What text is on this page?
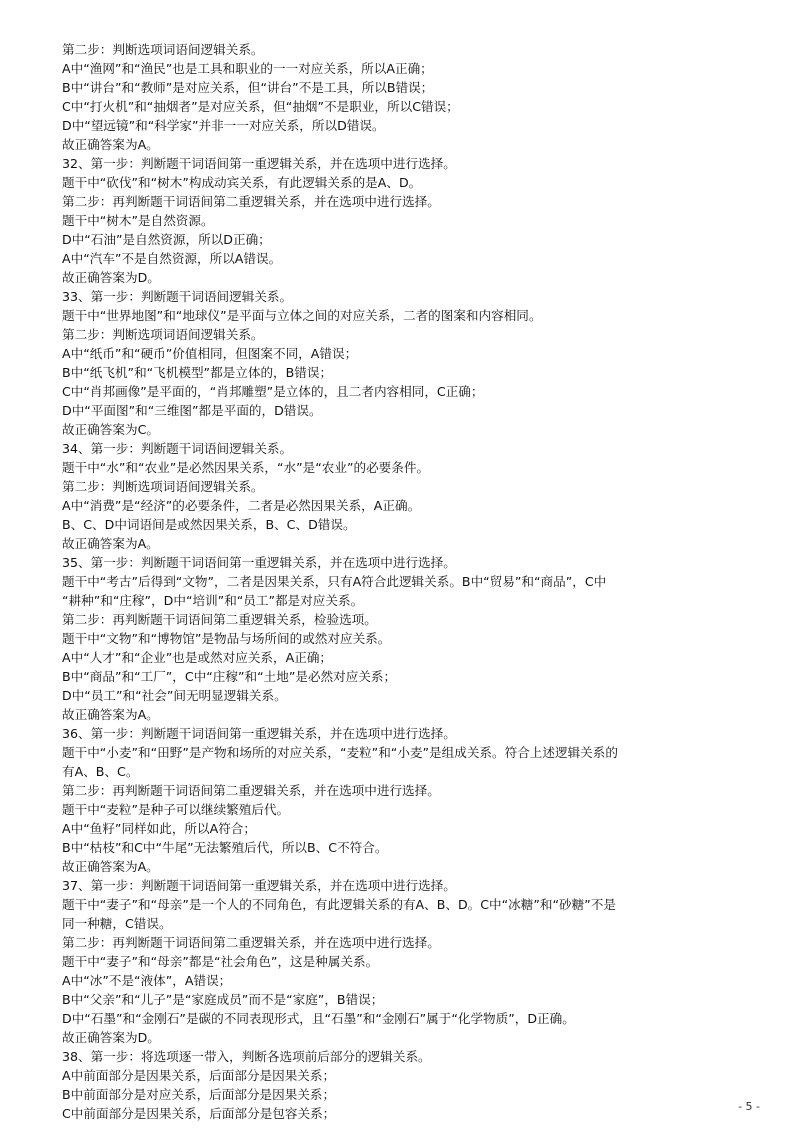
第二步：判断选项词语间逻辑关系。
A中“渔网”和“渔民”也是工具和职业的一一对应关系，所以A正确；
B中“讲台”和“教师”是对应关系，但“讲台”不是工具，所以B错误；
C中“打火机”和“抽烟者”是对应关系，但“抽烟”不是职业，所以C错误；
D中“望远镜”和“科学家”并非一一对应关系，所以D错误。
故正确答案为A。
32、第一步：判断题干词语间第一重逻辑关系，并在选项中进行选择。
题干中“砍伐”和“树木”构成动宾关系，有此逻辑关系的是A、D。
第二步：再判断题干词语间第二重逻辑关系，并在选项中进行选择。
题干中“树木”是自然资源。
D中“石油”是自然资源，所以D正确；
A中“汽车”不是自然资源，所以A错误。
故正确答案为D。
33、第一步：判断题干词语间逻辑关系。
题干中“世界地图”和“地球仪”是平面与立体之间的对应关系，二者的图案和内容相同。
第二步：判断选项词语间逻辑关系。
A中“纸币”和“硬币”价值相同，但图案不同，A错误；
B中“纸飞机”和“飞机模型”都是立体的，B错误；
C中“肖邦画像”是平面的，“肖邦雕塑”是立体的，且二者内容相同，C正确；
D中“平面图”和“三维图”都是平面的，D错误。
故正确答案为C。
34、第一步：判断题干词语间逻辑关系。
题干中“水”和“农业”是必然因果关系，“水”是“农业”的必要条件。
第二步：判断选项词语间逻辑关系。
A中“消费”是“经济”的必要条件，二者是必然因果关系，A正确。
B、C、D中词语间是或然因果关系，B、C、D错误。
故正确答案为A。
35、第一步：判断题干词语间第一重逻辑关系，并在选项中进行选择。
题干中“考古”后得到“文物”，二者是因果关系，只有A符合此逻辑关系。B中“贸易”和“商品”，C中
“耕种”和“庄稼”，D中“培训”和“员工”都是对应关系。
第二步：再判断题干词语间第二重逻辑关系，检验选项。
题干中“文物”和“博物馆”是物品与场所间的或然对应关系。
A中“人才”和“企业”也是或然对应关系，A正确；
B中“商品”和“工厂”，C中“庄稼”和“土地”是必然对应关系；
D中“员工”和“社会”间无明显逻辑关系。
故正确答案为A。
36、第一步：判断题干词语间第一重逻辑关系，并在选项中进行选择。
题干中“小麦”和“田野”是产物和场所的对应关系，“麦粒”和“小麦”是组成关系。符合上述逻辑关系的
有A、B、C。
第二步：再判断题干词语间第二重逻辑关系，并在选项中进行选择。
题干中“麦粒”是种子可以继续繁殖后代。
A中“鱼籽”同样如此，所以A符合；
B中“枯枝”和C中“牛尾”无法繁殖后代，所以B、C不符合。
故正确答案为A。
37、第一步：判断题干词语间第一重逻辑关系，并在选项中进行选择。
题干中“妻子”和“母亲”是一个人的不同角色，有此逻辑关系的有A、B、D。C中“冰糖”和“砂糖”不是
同一种糖，C错误。
第二步：再判断题干词语间第二重逻辑关系，并在选项中进行选择。
题干中“妻子”和“母亲”都是“社会角色”，这是种属关系。
A中“冰”不是“液体”，A错误；
B中“父亲”和“儿子”是“家庭成员”而不是“家庭”，B错误；
D中“石墨”和“金刚石”是碳的不同表现形式，且“石墨”和“金刚石”属于“化学物质”，D正确。
故正确答案为D。
38、第一步：将选项逐一带入，判断各选项前后部分的逻辑关系。
A中前面部分是因果关系，后面部分是因果关系；
B中前面部分是对应关系，后面部分是因果关系；
C中前面部分是因果关系，后面部分是包容关系；	- 5 -
